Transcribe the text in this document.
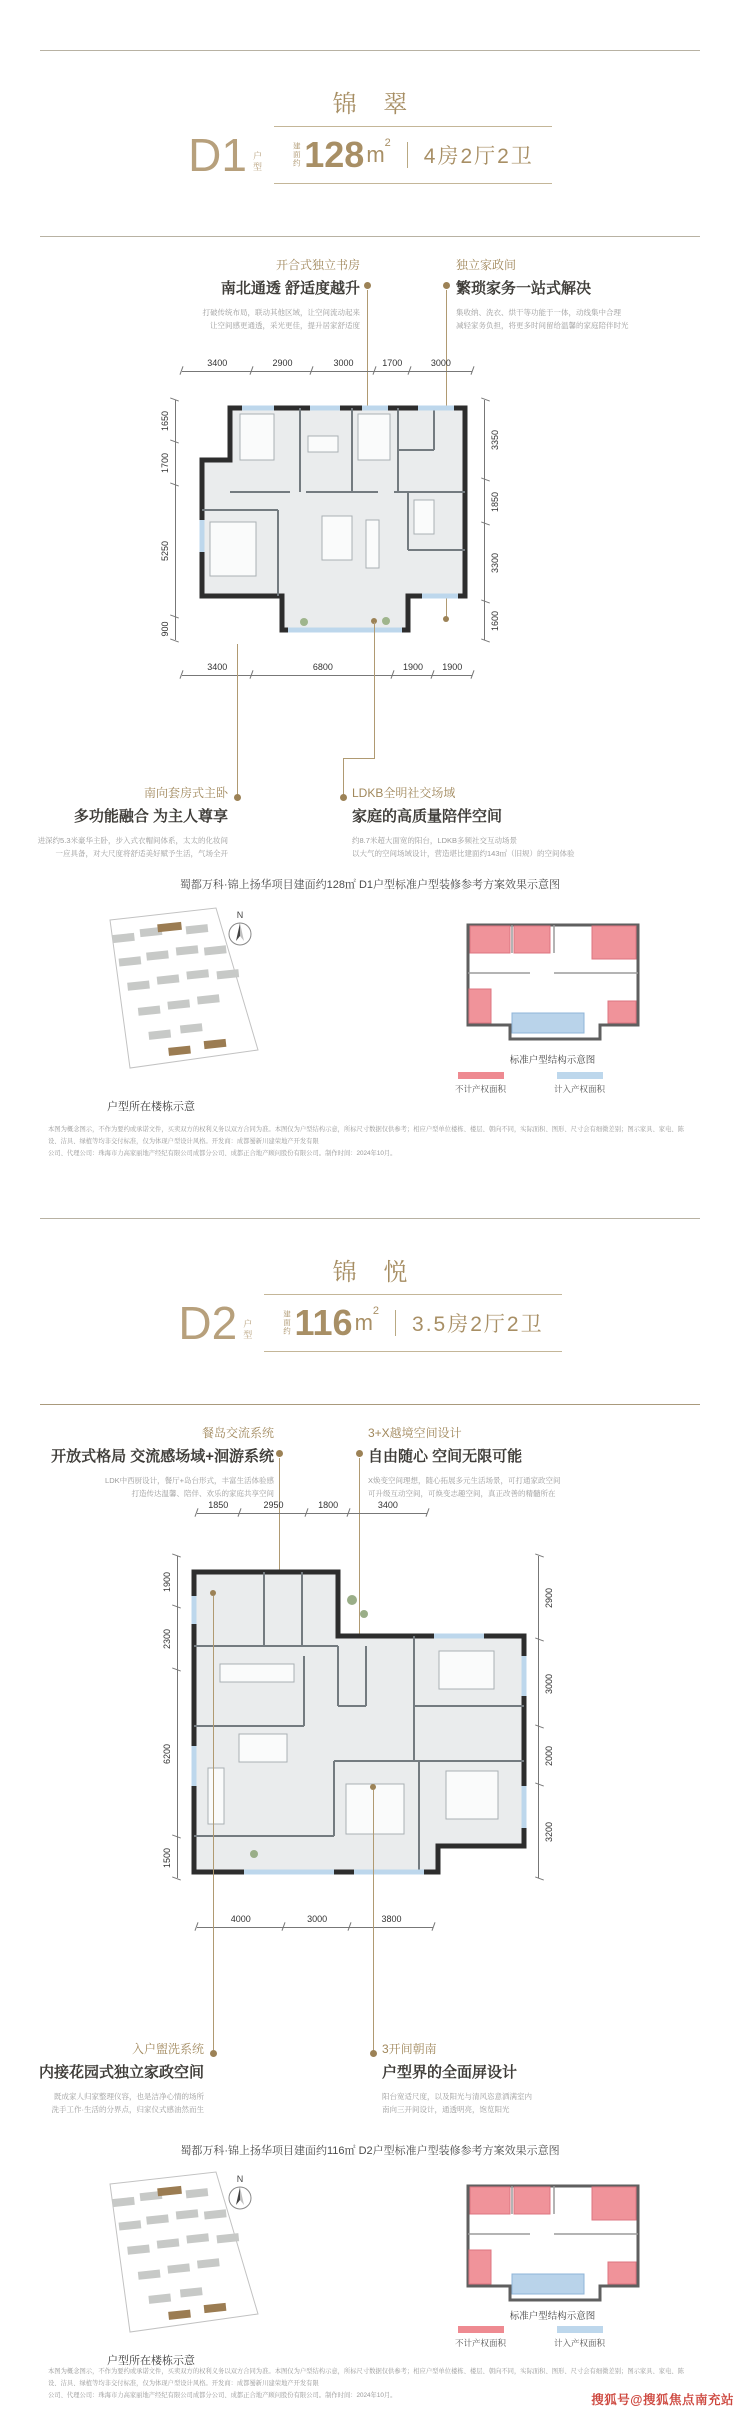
锦 翠
D1 户型	建面约 128 m 2
4房2厅2卫
开合式独立书房
南北通透 舒适度越升
打破传统布局，联动其他区域，让空间流动起来
让空间感更通透，采光更佳，提升居家舒适度
独立家政间
繁琐家务一站式解决
集收纳、洗衣、烘干等功能于一体，动线集中合理
减轻家务负担，将更多时间留给温馨的家庭陪伴时光
3400	2900	3000	1700	3000
1650
1700
5250
900
3350
1850
3300
1600
3400	6800	1900	1900
南向套房式主卧
多功能融合 为主人尊享
进深约5.3米豪华主卧，步入式衣帽间体系，太太的化妆间
一应具备，对大尺度将舒适美好赋予生活，气场全开
LDKB全明社交场域
家庭的高质量陪伴空间
约8.7米超大面宽的阳台，LDKB多频社交互动场景
以大气的空间场域设计，营造堪比建面约143㎡（旧规）的空间体验
蜀都万科·锦上扬华项目建面约128㎡ D1户型标准户型装修参考方案效果示意图
N
标准户型结构示意图
不计产权面积	计入产权面积
户型所在楼栋示意
本图为概念图示，不作为要约或承诺文件，买卖双方的权利义务以双方合同为准。本图仅为户型结构示意，所标尺寸数据仅供参考；相应户型单位楼栋、楼层、朝向不同，实际面积、图形、尺寸会有细微差别；图示家具、家电、陈设、洁具、绿植等均非交付标准，仅为体现户型设计风格。开发商：成都蜀新川建荣地产开发有限
公司、代理公司：珠海市力高家丽地产经纪有限公司成都分公司、成都正合地产顾问股份有限公司。制作时间：2024年10月。
锦 悦
D2 户型	建面约 116 m 2
3.5房2厅2卫
餐岛交流系统
开放式格局 交流感场域+洄游系统
LDK中西厨设计，餐厅+岛台形式，丰富生活体验感
打造传达温馨、陪伴、欢乐的家庭共享空间
3+X越境空间设计
自由随心 空间无限可能
X焕变空间理想，随心拓展多元生活场景，可打通家政空间
可升级互动空间，可焕变志趣空间，真正改善的精髓所在
1850	2950	1800	3400
1900
2300
6200
1500
2900
3000
2000
3200
4000	3000	3800
入户盥洗系统
内接花园式独立家政空间
既成家人归家整理仪容，也是洁净心情的场所
洗手工作·生活的分界点，归家仪式感油然而生
3开间朝南
户型界的全面屏设计
阳台宽适尺度，以及阳光与清风恣意洒满室内
南向三开间设计，通透明亮，饱览阳光
蜀都万科·锦上扬华项目建面约116㎡ D2户型标准户型装修参考方案效果示意图
N
标准户型结构示意图
不计产权面积	计入产权面积
户型所在楼栋示意
本图为概念图示，不作为要约或承诺文件，买卖双方的权利义务以双方合同为准。本图仅为户型结构示意，所标尺寸数据仅供参考；相应户型单位楼栋、楼层、朝向不同，实际面积、图形、尺寸会有细微差别；图示家具、家电、陈设、洁具、绿植等均非交付标准，仅为体现户型设计风格。开发商：成都蜀新川建荣地产开发有限
公司、代理公司：珠海市力高家丽地产经纪有限公司成都分公司、成都正合地产顾问股份有限公司。制作时间：2024年10月。	搜狐号@搜狐焦点南充站
